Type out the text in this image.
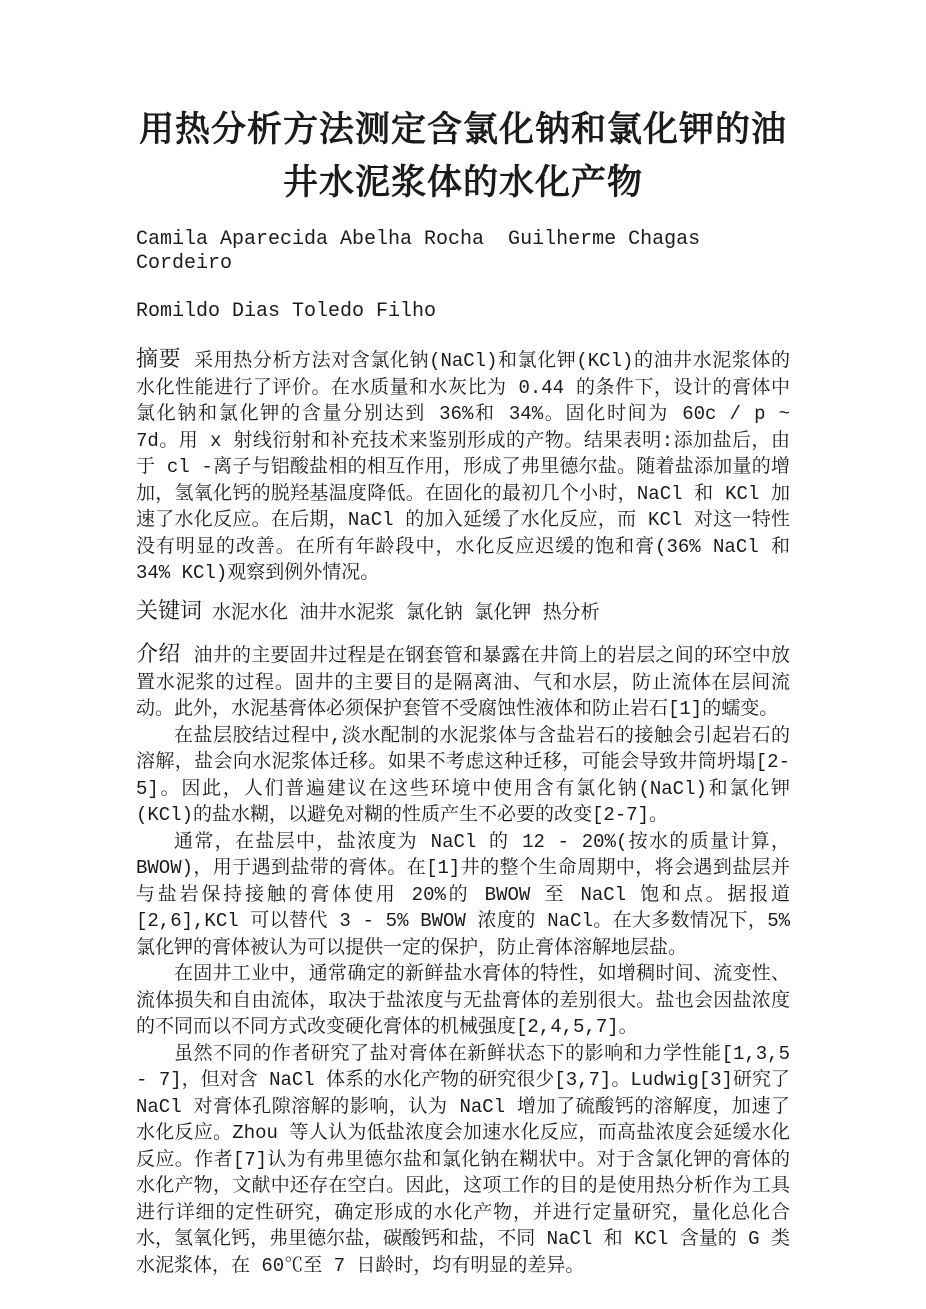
用热分析方法测定含氯化钠和氯化钾的油
井水泥浆体的水化产物

Camila Aparecida Abelha Rocha  Guilherme Chagas Cordeiro

Romildo Dias Toledo Filho

摘要 采用热分析方法对含氯化钠(NaCl)和氯化钾(KCl)的油井水泥浆体的水化性能进行了评价。在水质量和水灰比为 0.44 的条件下，设计的膏体中氯化钠和氯化钾的含量分别达到 36%和 34%。固化时间为 60c / p ~ 7d。用 x 射线衍射和补充技术来鉴别形成的产物。结果表明:添加盐后，由于 cl -离子与铝酸盐相的相互作用，形成了弗里德尔盐。随着盐添加量的增加，氢氧化钙的脱羟基温度降低。在固化的最初几个小时，NaCl 和 KCl 加速了水化反应。在后期，NaCl 的加入延缓了水化反应，而 KCl 对这一特性没有明显的改善。在所有年龄段中，水化反应迟缓的饱和膏(36% NaCl 和 34% KCl)观察到例外情况。

关键词 水泥水化 油井水泥浆 氯化钠 氯化钾 热分析

介绍 油井的主要固井过程是在钢套管和暴露在井筒上的岩层之间的环空中放置水泥浆的过程。固井的主要目的是隔离油、气和水层，防止流体在层间流动。此外，水泥基膏体必须保护套管不受腐蚀性液体和防止岩石[1]的蠕变。

在盐层胶结过程中,淡水配制的水泥浆体与含盐岩石的接触会引起岩石的溶解，盐会向水泥浆体迁移。如果不考虑这种迁移，可能会导致井筒坍塌[2-5]。因此，人们普遍建议在这些环境中使用含有氯化钠(NaCl)和氯化钾(KCl)的盐水糊，以避免对糊的性质产生不必要的改变[2-7]。

通常，在盐层中，盐浓度为 NaCl 的 12 - 20%(按水的质量计算，BWOW)，用于遇到盐带的膏体。在[1]井的整个生命周期中，将会遇到盐层并与盐岩保持接触的膏体使用 20%的 BWOW 至 NaCl 饱和点。据报道[2,6],KCl 可以替代 3 - 5% BWOW 浓度的 NaCl。在大多数情况下，5%氯化钾的膏体被认为可以提供一定的保护，防止膏体溶解地层盐。

在固井工业中，通常确定的新鲜盐水膏体的特性，如增稠时间、流变性、流体损失和自由流体，取决于盐浓度与无盐膏体的差别很大。盐也会因盐浓度的不同而以不同方式改变硬化膏体的机械强度[2,4,5,7]。

虽然不同的作者研究了盐对膏体在新鲜状态下的影响和力学性能[1,3,5 - 7]，但对含 NaCl 体系的水化产物的研究很少[3,7]。Ludwig[3]研究了 NaCl 对膏体孔隙溶解的影响，认为 NaCl 增加了硫酸钙的溶解度，加速了水化反应。Zhou 等人认为低盐浓度会加速水化反应，而高盐浓度会延缓水化反应。作者[7]认为有弗里德尔盐和氯化钠在糊状中。对于含氯化钾的膏体的水化产物，文献中还存在空白。因此，这项工作的目的是使用热分析作为工具进行详细的定性研究，确定形成的水化产物，并进行定量研究，量化总化合水，氢氧化钙，弗里德尔盐，碳酸钙和盐，不同 NaCl 和 KCl 含量的 G 类水泥浆体，在 60℃至 7 日龄时，均有明显的差异。
